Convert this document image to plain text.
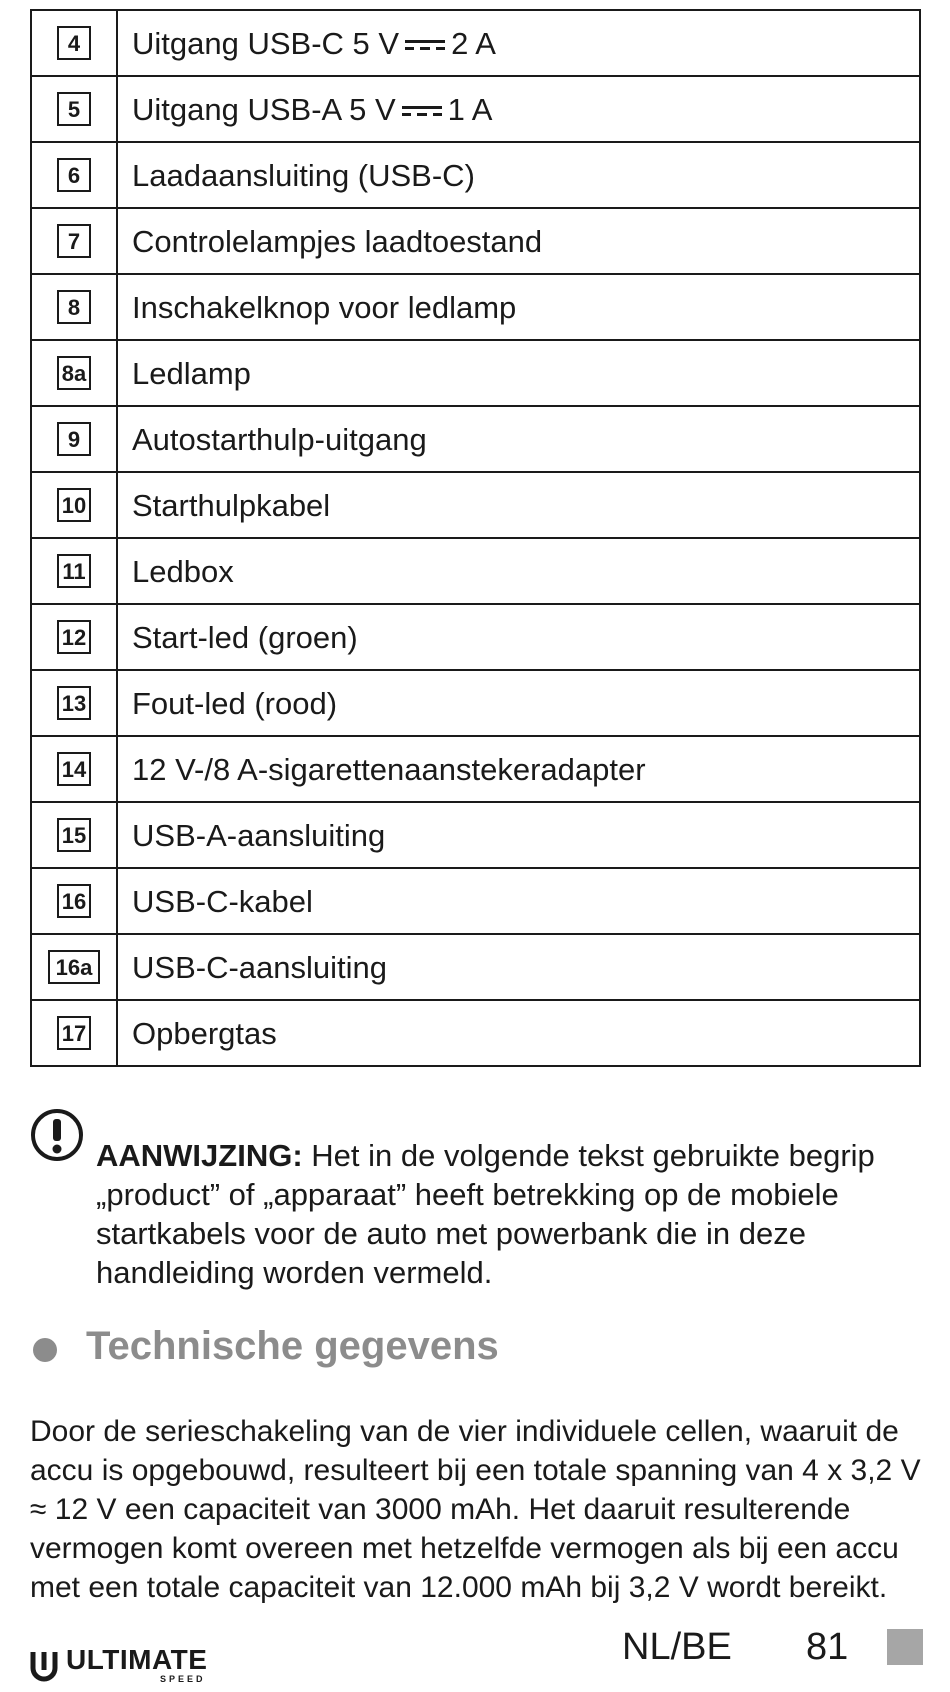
4	Uitgang USB-C 5 V 2 A
5	Uitgang USB-A 5 V 1 A
6	Laadaansluiting (USB-C)
7	Controlelampjes laadtoestand
8	Inschakelknop voor ledlamp
8a	Ledlamp
9	Autostarthulp-uitgang
10	Starthulpkabel
11	Ledbox
12	Start-led (groen)
13	Fout-led (rood)
14	12 V-/8 A-sigarettenaanstekeradapter
15	USB-A-aansluiting
16	USB-C-kabel
16a	USB-C-aansluiting
17	Opbergtas
AANWIJZING: Het in de volgende tekst gebruikte begrip „product” of „apparaat” heeft betrekking op de mobiele startkabels voor de auto met powerbank die in deze handleiding worden vermeld.
Technische gegevens

Door de serieschakeling van de vier individuele cellen, waaruit de accu is opgebouwd, resulteert bij een totale spanning van 4 x 3,2 V ≈ 12 V een capaciteit van 3000 mAh. Het daaruit resulterende vermogen komt overeen met hetzelfde vermogen als bij een accu met een totale capaciteit van 12.000 mAh bij 3,2 V wordt bereikt.

ULTIMATE
SPEED
NL/BE 81
